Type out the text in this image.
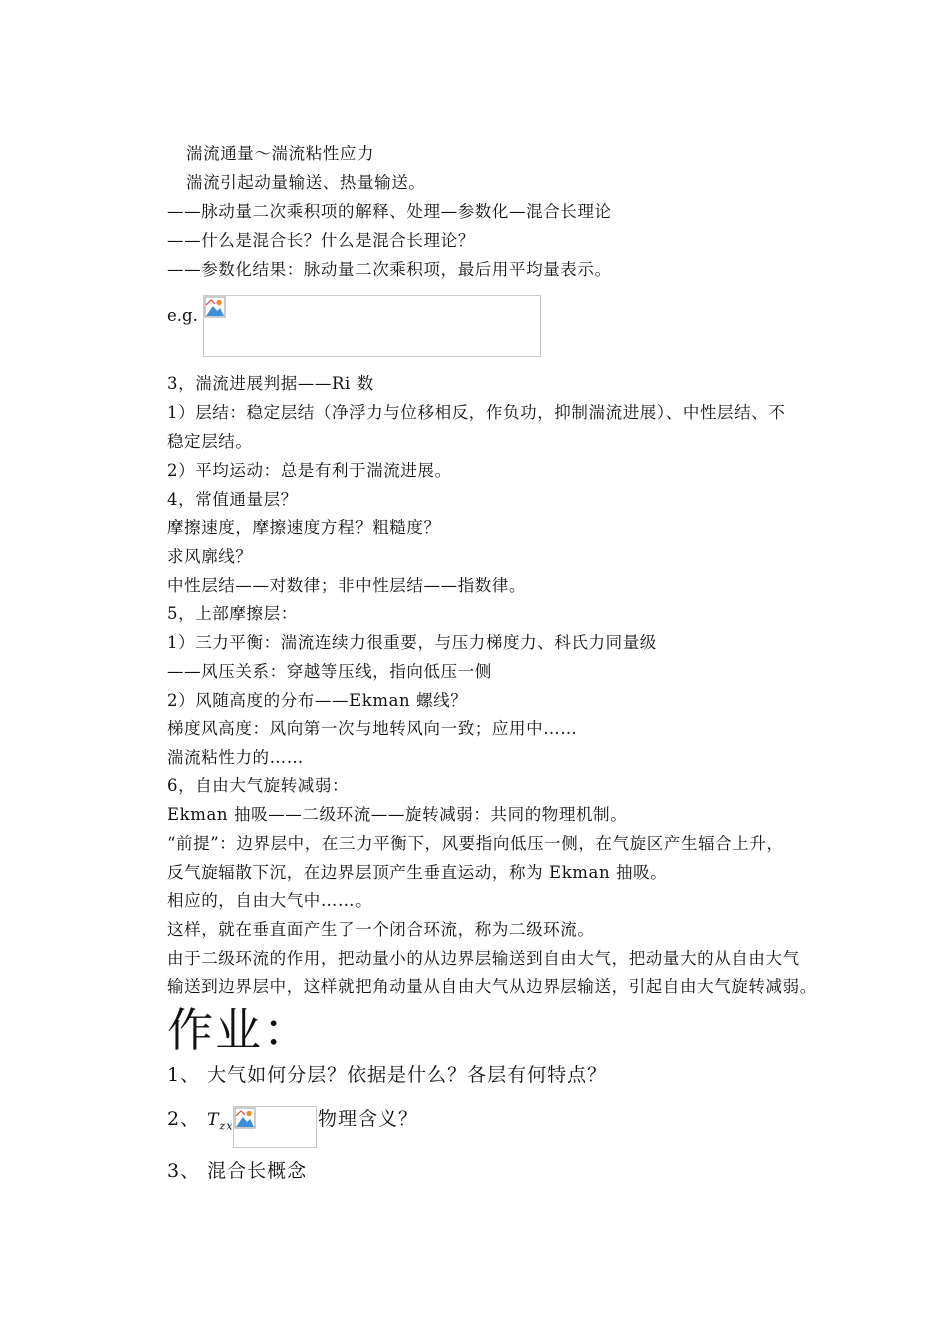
湍流通量～湍流粘性应力
湍流引起动量输送、热量输送。
——脉动量二次乘积项的解释、处理—参数化—混合长理论
——什么是混合长？什么是混合长理论？
——参数化结果：脉动量二次乘积项，最后用平均量表示。
e.g.
3，湍流进展判据——Ri 数
1）层结：稳定层结（净浮力与位移相反，作负功，抑制湍流进展）、中性层结、不
稳定层结。
2）平均运动：总是有利于湍流进展。
4，常值通量层？
摩擦速度，摩擦速度方程？粗糙度？
求风廓线？
中性层结——对数律；非中性层结——指数律。
5，上部摩擦层：
1）三力平衡：湍流连续力很重要，与压力梯度力、科氏力同量级
——风压关系：穿越等压线，指向低压一侧
2）风随高度的分布——Ekman 螺线？
梯度风高度：风向第一次与地转风向一致；应用中……
湍流粘性力的……
6，自由大气旋转减弱：
Ekman 抽吸——二级环流——旋转减弱：共同的物理机制。
“前提”：边界层中，在三力平衡下，风要指向低压一侧，在气旋区产生辐合上升，
反气旋辐散下沉，在边界层顶产生垂直运动，称为 Ekman 抽吸。
相应的，自由大气中……。
这样，就在垂直面产生了一个闭合环流，称为二级环流。
由于二级环流的作用，把动量小的从边界层输送到自由大气，把动量大的从自由大气
输送到边界层中，这样就把角动量从自由大气从边界层输送，引起自由大气旋转减弱。
作业：
1、 大气如何分层？依据是什么？各层有何特点？
2、 $T_{zx}$	物理含义？
3、 混合长概念
